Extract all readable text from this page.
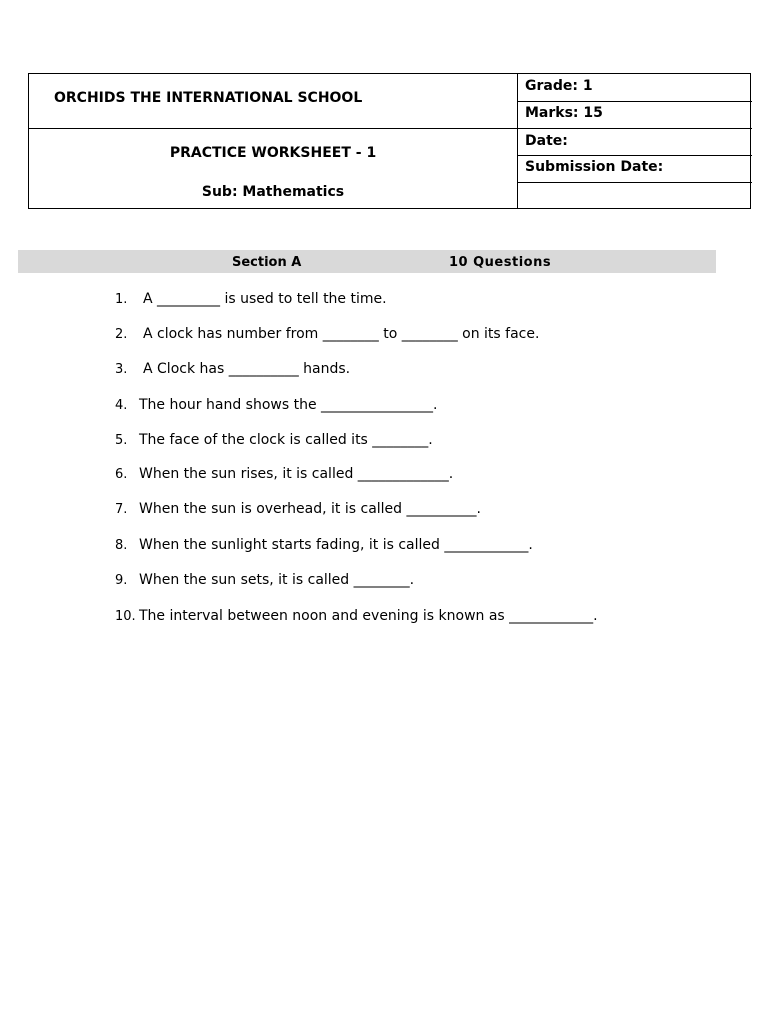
ORCHIDS THE INTERNATIONAL SCHOOL
PRACTICE WORKSHEET - 1
Sub: Mathematics
Grade: 1
Marks: 15
Date:
Submission Date:
Section A	10 Questions
1. A _________ is used to tell the time.
2. A clock has number from ________ to ________ on its face.
3. A Clock has __________ hands.
4. The hour hand shows the ________________.
5. The face of the clock is called its ________.
6. When the sun rises, it is called _____________.
7. When the sun is overhead, it is called __________.
8. When the sunlight starts fading, it is called ____________.
9. When the sun sets, it is called ________.
10. The interval between noon and evening is known as ____________.
